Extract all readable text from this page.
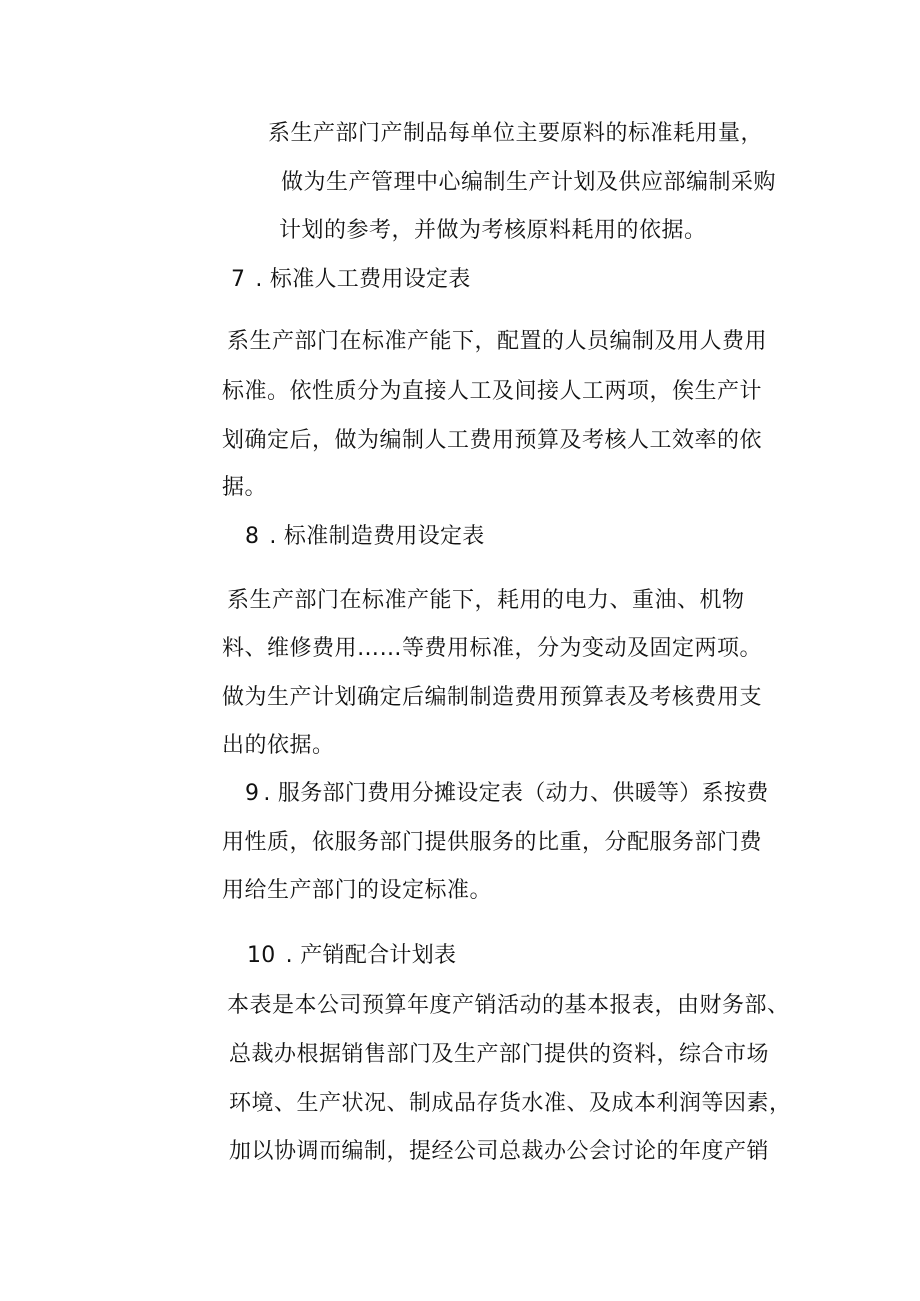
系生产部门产制品每单位主要原料的标准耗用量，
做为生产管理中心编制生产计划及供应部编制采购
计划的参考，并做为考核原料耗用的依据。
7 . 标准人工费用设定表
系生产部门在标准产能下，配置的人员编制及用人费用
标准。依性质分为直接人工及间接人工两项，俟生产计
划确定后，做为编制人工费用预算及考核人工效率的依
据。
8 . 标准制造费用设定表
系生产部门在标准产能下，耗用的电力、重油、机物
料、维修费用……等费用标准，分为变动及固定两项。
做为生产计划确定后编制制造费用预算表及考核费用支
出的依据。
9 . 服务部门费用分摊设定表（动力、供暖等）系按费
用性质，依服务部门提供服务的比重，分配服务部门费
用给生产部门的设定标准。
10 . 产销配合计划表
本表是本公司预算年度产销活动的基本报表，由财务部、
总裁办根据销售部门及生产部门提供的资料，综合市场
环境、生产状况、制成品存货水准、及成本利润等因素，
加以协调而编制，提经公司总裁办公会讨论的年度产销
